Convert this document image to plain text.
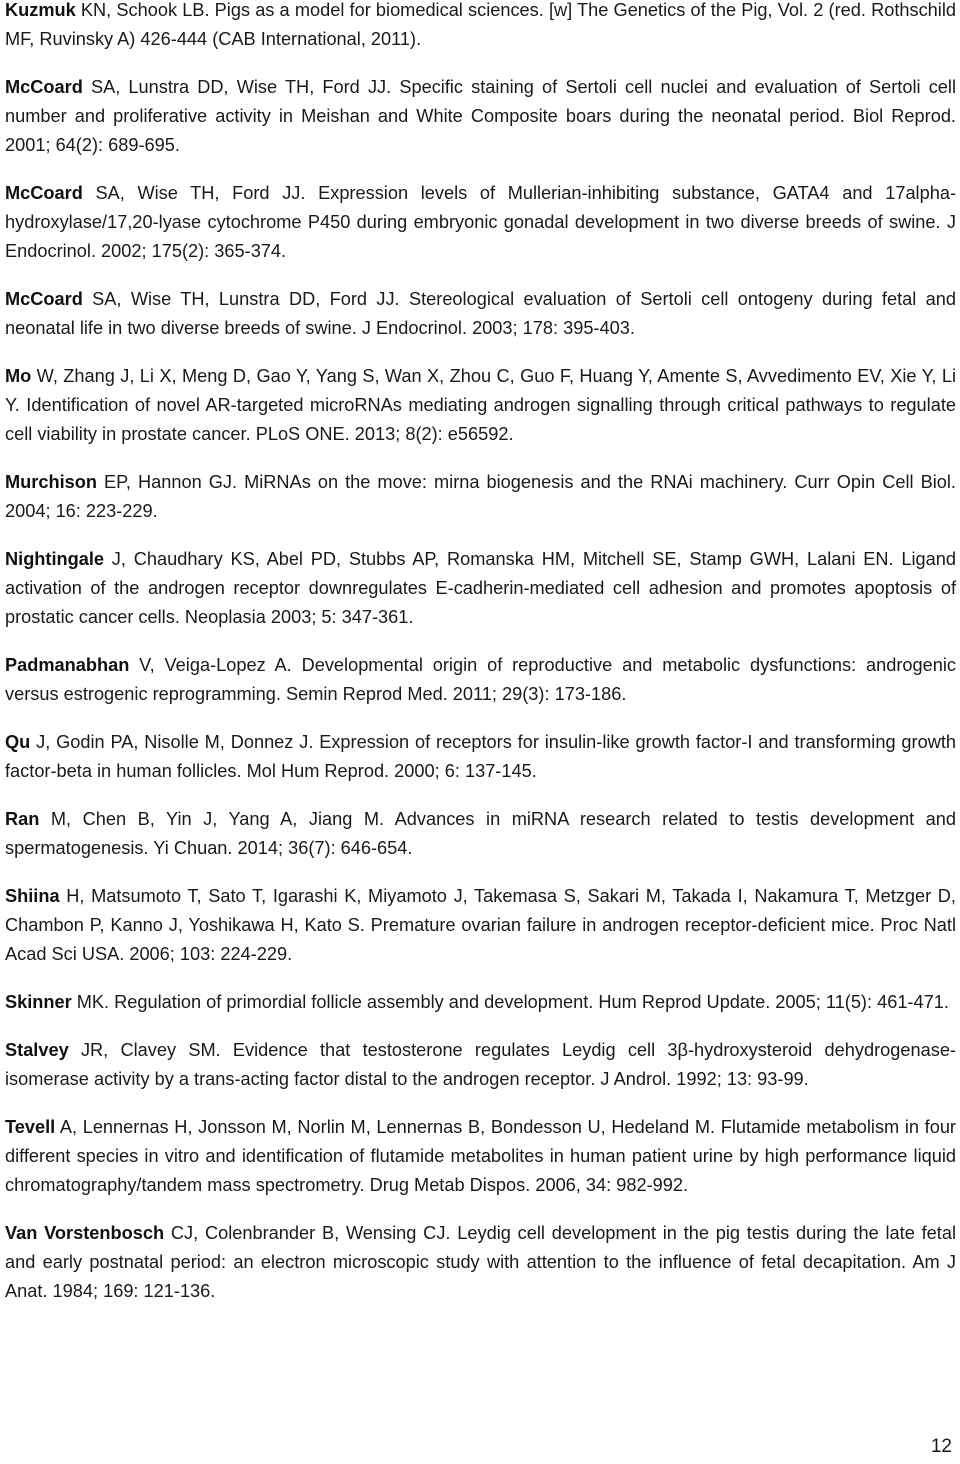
Kuzmuk KN, Schook LB. Pigs as a model for biomedical sciences. [w] The Genetics of the Pig, Vol. 2 (red. Rothschild MF, Ruvinsky A) 426-444 (CAB International, 2011).

McCoard SA, Lunstra DD, Wise TH, Ford JJ. Specific staining of Sertoli cell nuclei and evaluation of Sertoli cell number and proliferative activity in Meishan and White Composite boars during the neonatal period. Biol Reprod. 2001; 64(2): 689-695.

McCoard SA, Wise TH, Ford JJ. Expression levels of Mullerian-inhibiting substance, GATA4 and 17alpha-hydroxylase/17,20-lyase cytochrome P450 during embryonic gonadal development in two diverse breeds of swine. J Endocrinol. 2002; 175(2): 365-374.

McCoard SA, Wise TH, Lunstra DD, Ford JJ. Stereological evaluation of Sertoli cell ontogeny during fetal and neonatal life in two diverse breeds of swine. J Endocrinol. 2003; 178: 395-403.

Mo W, Zhang J, Li X, Meng D, Gao Y, Yang S, Wan X, Zhou C, Guo F, Huang Y, Amente S, Avvedimento EV, Xie Y, Li Y. Identification of novel AR-targeted microRNAs mediating androgen signalling through critical pathways to regulate cell viability in prostate cancer. PLoS ONE. 2013; 8(2): e56592.

Murchison EP, Hannon GJ. MiRNAs on the move: mirna biogenesis and the RNAi machinery. Curr Opin Cell Biol. 2004; 16: 223-229.

Nightingale J, Chaudhary KS, Abel PD, Stubbs AP, Romanska HM, Mitchell SE, Stamp GWH, Lalani EN. Ligand activation of the androgen receptor downregulates E-cadherin-mediated cell adhesion and promotes apoptosis of prostatic cancer cells. Neoplasia 2003; 5: 347-361.

Padmanabhan V, Veiga-Lopez A. Developmental origin of reproductive and metabolic dysfunctions: androgenic versus estrogenic reprogramming. Semin Reprod Med. 2011; 29(3): 173-186.

Qu J, Godin PA, Nisolle M, Donnez J. Expression of receptors for insulin-like growth factor-I and transforming growth factor-beta in human follicles. Mol Hum Reprod. 2000; 6: 137-145.

Ran M, Chen B, Yin J, Yang A, Jiang M. Advances in miRNA research related to testis development and spermatogenesis. Yi Chuan. 2014; 36(7): 646-654.

Shiina H, Matsumoto T, Sato T, Igarashi K, Miyamoto J, Takemasa S, Sakari M, Takada I, Nakamura T, Metzger D, Chambon P, Kanno J, Yoshikawa H, Kato S. Premature ovarian failure in androgen receptor-deficient mice. Proc Natl Acad Sci USA. 2006; 103: 224-229.

Skinner MK. Regulation of primordial follicle assembly and development. Hum Reprod Update. 2005; 11(5): 461-471.

Stalvey JR, Clavey SM. Evidence that testosterone regulates Leydig cell 3β-hydroxysteroid dehydrogenase-isomerase activity by a trans-acting factor distal to the androgen receptor. J Androl. 1992; 13: 93-99.

Tevell A, Lennernas H, Jonsson M, Norlin M, Lennernas B, Bondesson U, Hedeland M. Flutamide metabolism in four different species in vitro and identification of flutamide metabolites in human patient urine by high performance liquid chromatography/tandem mass spectrometry. Drug Metab Dispos. 2006, 34: 982-992.

Van Vorstenbosch CJ, Colenbrander B, Wensing CJ. Leydig cell development in the pig testis during the late fetal and early postnatal period: an electron microscopic study with attention to the influence of fetal decapitation. Am J Anat. 1984; 169: 121-136.

12
